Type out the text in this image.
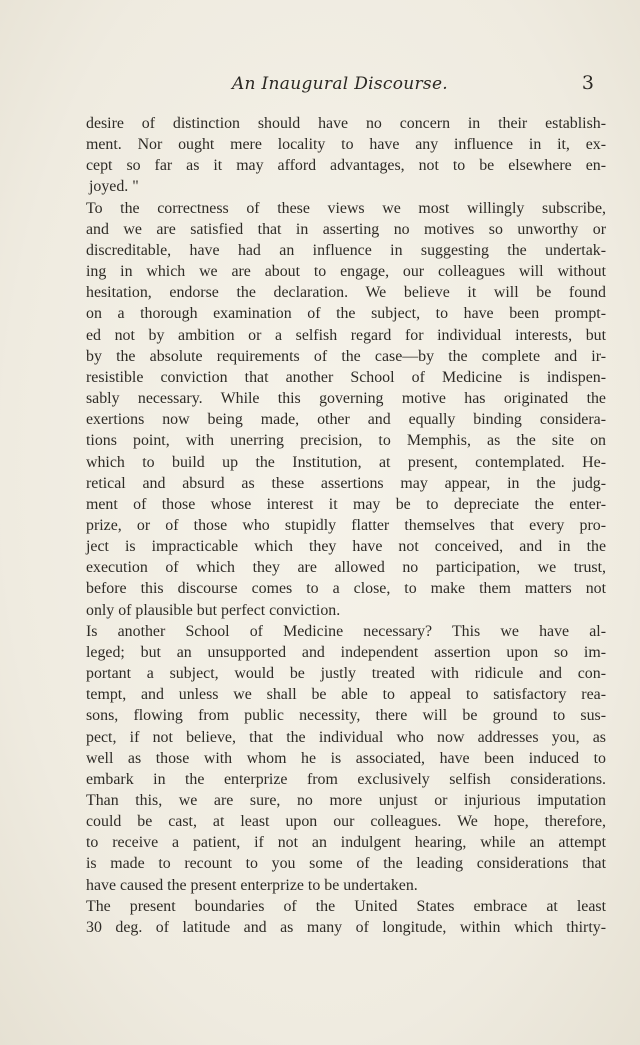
An Inaugural Discourse.	3
desire of distinction should have no concern in their establish-
ment. Nor ought mere locality to have any influence in it, ex-
cept so far as it may afford advantages, not to be elsewhere en-
joyed. "
To the correctness of these views we most willingly subscribe,
and we are satisfied that in asserting no motives so unworthy or
discreditable, have had an influence in suggesting the undertak-
ing in which we are about to engage, our colleagues will without
hesitation, endorse the declaration. We believe it will be found
on a thorough examination of the subject, to have been prompt-
ed not by ambition or a selfish regard for individual interests, but
by the absolute requirements of the case—by the complete and ir-
resistible conviction that another School of Medicine is indispen-
sably necessary. While this governing motive has originated the
exertions now being made, other and equally binding considera-
tions point, with unerring precision, to Memphis, as the site on
which to build up the Institution, at present, contemplated. He-
retical and absurd as these assertions may appear, in the judg-
ment of those whose interest it may be to depreciate the enter-
prize, or of those who stupidly flatter themselves that every pro-
ject is impracticable which they have not conceived, and in the
execution of which they are allowed no participation, we trust,
before this discourse comes to a close, to make them matters not
only of plausible but perfect conviction.
Is another School of Medicine necessary? This we have al-
leged; but an unsupported and independent assertion upon so im-
portant a subject, would be justly treated with ridicule and con-
tempt, and unless we shall be able to appeal to satisfactory rea-
sons, flowing from public necessity, there will be ground to sus-
pect, if not believe, that the individual who now addresses you, as
well as those with whom he is associated, have been induced to
embark in the enterprize from exclusively selfish considerations.
Than this, we are sure, no more unjust or injurious imputation
could be cast, at least upon our colleagues. We hope, therefore,
to receive a patient, if not an indulgent hearing, while an attempt
is made to recount to you some of the leading considerations that
have caused the present enterprize to be undertaken.
The present boundaries of the United States embrace at least
30 deg. of latitude and as many of longitude, within which thirty-
